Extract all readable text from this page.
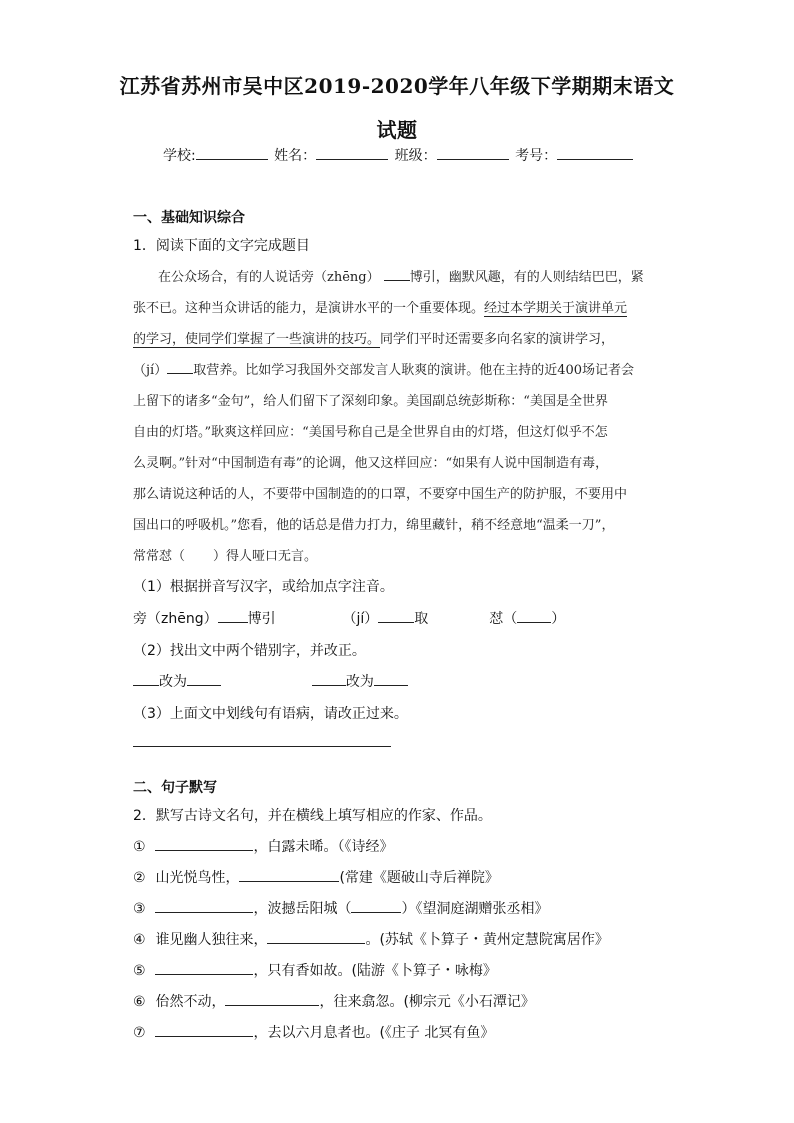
江苏省苏州市吴中区2019-2020学年八年级下学期期末语文
试题
学校:	姓名：	班级：	考号：
一、基础知识综合
1．阅读下面的文字完成题目
在公众场合，有的人说话旁（zhēng） 博引，幽默风趣，有的人则结结巴巴，紧
张不已。这种当众讲话的能力，是演讲水平的一个重要体现。经过本学期关于演讲单元
的学习，使同学们掌握了一些演讲的技巧。同学们平时还需要多向名家的演讲学习，
（jí） 取营养。比如学习我国外交部发言人耿爽的演讲。他在主持的近400场记者会
上留下的诸多“金句”，给人们留下了深刻印象。美国副总统彭斯称：“美国是全世界
自由的灯塔。”耿爽这样回应：“美国号称自己是全世界自由的灯塔，但这灯似乎不怎
么灵啊。”针对“中国制造有毒”的论调，他又这样回应：“如果有人说中国制造有毒，
那么请说这种话的人，不要带中国制造的的口罩，不要穿中国生产的防护服，不要用中
国出口的呼吸机。”您看，他的话总是借力打力，绵里藏针，稍不经意地“温柔一刀”，
常常怼（ ）得人哑口无言。
（1）根据拼音写汉字，或给加点字注音。
旁（zhēng） 博引	（jí）	取	怼（ ）
（2）找出文中两个错别字，并改正。
改为	改为
（3）上面文中划线句有语病，请改正过来。
二、句子默写
2．默写古诗文名句，并在横线上填写相应的作家、作品。
①	，白露未晞。（《诗经》
② 山光悦鸟性，	(常建《题破山寺后禅院》
③	，波撼岳阳城（	）《望洞庭湖赠张丞相》
④ 谁见幽人独往来，	。(苏轼《卜算子・黄州定慧院寓居作》
⑤	，只有香如故。(陆游《卜算子・咏梅》
⑥ 佁然不动，	，往来翕忽。(柳宗元《小石潭记》
⑦	，去以六月息者也。(《庄子 北冥有鱼》
